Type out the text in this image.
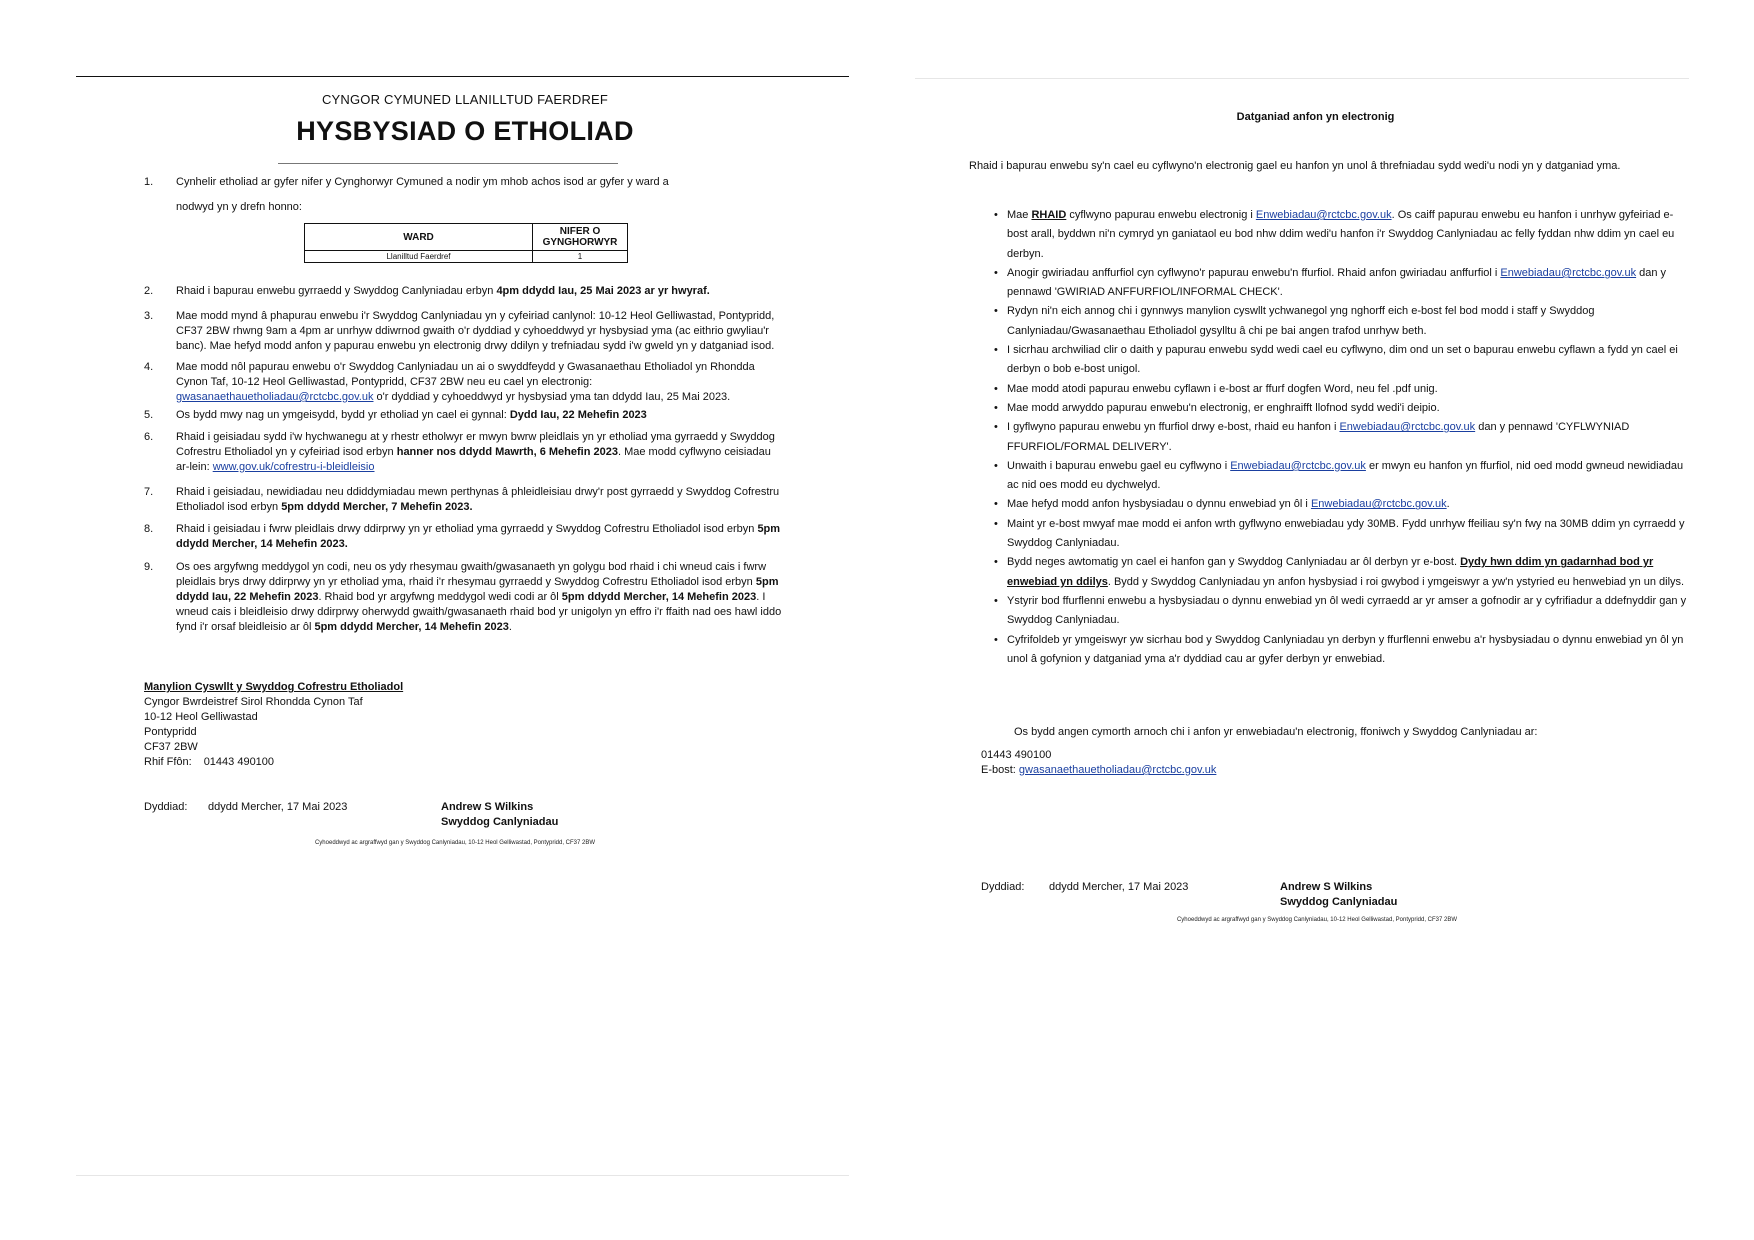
CYNGOR CYMUNED LLANILLTUD FAERDREF
HYSBYSIAD O ETHOLIAD
1.	Cynhelir etholiad ar gyfer nifer y Cynghorwyr Cymuned a nodir ym mhob achos isod ar gyfer y ward a
nodwyd yn y drefn honno:
WARD	NIFER O GYNGHORWYR
Llanilltud Faerdref	1
2.	Rhaid i bapurau enwebu gyrraedd y Swyddog Canlyniadau erbyn 4pm ddydd Iau, 25 Mai 2023 ar yr hwyraf.
3.	Mae modd mynd â phapurau enwebu i'r Swyddog Canlyniadau yn y cyfeiriad canlynol: 10-12 Heol Gelliwastad, Pontypridd, CF37 2BW rhwng 9am a 4pm ar unrhyw ddiwrnod gwaith o'r dyddiad y cyhoeddwyd yr hysbysiad yma (ac eithrio gwyliau'r banc). Mae hefyd modd anfon y papurau enwebu yn electronig drwy ddilyn y trefniadau sydd i'w gweld yn y datganiad isod.
4.	Mae modd nôl papurau enwebu o'r Swyddog Canlyniadau un ai o swyddfeydd y Gwasanaethau Etholiadol yn Rhondda Cynon Taf, 10-12 Heol Gelliwastad, Pontypridd, CF37 2BW neu eu cael yn electronig:
gwasanaethauetholiadau@rctcbc.gov.uk o'r dyddiad y cyhoeddwyd yr hysbysiad yma tan ddydd Iau, 25 Mai 2023.
5.	Os bydd mwy nag un ymgeisydd, bydd yr etholiad yn cael ei gynnal: Dydd Iau, 22 Mehefin 2023
6.	Rhaid i geisiadau sydd i'w hychwanegu at y rhestr etholwyr er mwyn bwrw pleidlais yn yr etholiad yma gyrraedd y Swyddog Cofrestru Etholiadol yn y cyfeiriad isod erbyn hanner nos ddydd Mawrth, 6 Mehefin 2023. Mae modd cyflwyno ceisiadau ar-lein: www.gov.uk/cofrestru-i-bleidleisio
7.	Rhaid i geisiadau, newidiadau neu ddiddymiadau mewn perthynas â phleidleisiau drwy'r post gyrraedd y Swyddog Cofrestru Etholiadol isod erbyn 5pm ddydd Mercher, 7 Mehefin 2023.
8.	Rhaid i geisiadau i fwrw pleidlais drwy ddirprwy yn yr etholiad yma gyrraedd y Swyddog Cofrestru Etholiadol isod erbyn 5pm ddydd Mercher, 14 Mehefin 2023.
9.	Os oes argyfwng meddygol yn codi, neu os ydy rhesymau gwaith/gwasanaeth yn golygu bod rhaid i chi wneud cais i fwrw pleidlais brys drwy ddirprwy yn yr etholiad yma, rhaid i'r rhesymau gyrraedd y Swyddog Cofrestru Etholiadol isod erbyn 5pm ddydd Iau, 22 Mehefin 2023. Rhaid bod yr argyfwng meddygol wedi codi ar ôl 5pm ddydd Mercher, 14 Mehefin 2023. I wneud cais i bleidleisio drwy ddirprwy oherwydd gwaith/gwasanaeth rhaid bod yr unigolyn yn effro i'r ffaith nad oes hawl iddo fynd i'r orsaf bleidleisio ar ôl 5pm ddydd Mercher, 14 Mehefin 2023.
Manylion Cyswllt y Swyddog Cofrestru Etholiadol
Cyngor Bwrdeistref Sirol Rhondda Cynon Taf
10-12 Heol Gelliwastad
Pontypridd
CF37 2BW
Rhif Ffôn: 01443 490100
Dyddiad: ddydd Mercher, 17 Mai 2023	Andrew S Wilkins
Swyddog Canlyniadau
Cyhoeddwyd ac argraffwyd gan y Swyddog Canlyniadau, 10-12 Heol Gelliwastad, Pontypridd, CF37 2BW
Datganiad anfon yn electronig
Rhaid i bapurau enwebu sy'n cael eu cyflwyno'n electronig gael eu hanfon yn unol â threfniadau sydd wedi'u nodi yn y datganiad yma.
• Mae RHAID cyflwyno papurau enwebu electronig i Enwebiadau@rctcbc.gov.uk. Os caiff papurau enwebu eu hanfon i unrhyw gyfeiriad e-bost arall, byddwn ni'n cymryd yn ganiataol eu bod nhw ddim wedi'u hanfon i'r Swyddog Canlyniadau ac felly fyddan nhw ddim yn cael eu derbyn.
• Anogir gwiriadau anffurfiol cyn cyflwyno'r papurau enwebu'n ffurfiol. Rhaid anfon gwiriadau anffurfiol i Enwebiadau@rctcbc.gov.uk dan y pennawd 'GWIRIAD ANFFURFIOL/INFORMAL CHECK'.
• Rydyn ni'n eich annog chi i gynnwys manylion cyswllt ychwanegol yng nghorff eich e-bost fel bod modd i staff y Swyddog Canlyniadau/Gwasanaethau Etholiadol gysylltu â chi pe bai angen trafod unrhyw beth.
• I sicrhau archwiliad clir o daith y papurau enwebu sydd wedi cael eu cyflwyno, dim ond un set o bapurau enwebu cyflawn a fydd yn cael ei derbyn o bob e-bost unigol.
• Mae modd atodi papurau enwebu cyflawn i e-bost ar ffurf dogfen Word, neu fel .pdf unig.
• Mae modd arwyddo papurau enwebu'n electronig, er enghraifft llofnod sydd wedi'i deipio.
• I gyflwyno papurau enwebu yn ffurfiol drwy e-bost, rhaid eu hanfon i Enwebiadau@rctcbc.gov.uk dan y pennawd 'CYFLWYNIAD FFURFIOL/FORMAL DELIVERY'.
• Unwaith i bapurau enwebu gael eu cyflwyno i Enwebiadau@rctcbc.gov.uk er mwyn eu hanfon yn ffurfiol, nid oed modd gwneud newidiadau ac nid oes modd eu dychwelyd.
• Mae hefyd modd anfon hysbysiadau o dynnu enwebiad yn ôl i Enwebiadau@rctcbc.gov.uk.
• Maint yr e-bost mwyaf mae modd ei anfon wrth gyflwyno enwebiadau ydy 30MB. Fydd unrhyw ffeiliau sy'n fwy na 30MB ddim yn cyrraedd y Swyddog Canlyniadau.
• Bydd neges awtomatig yn cael ei hanfon gan y Swyddog Canlyniadau ar ôl derbyn yr e-bost. Dydy hwn ddim yn gadarnhad bod yr enwebiad yn ddilys. Bydd y Swyddog Canlyniadau yn anfon hysbysiad i roi gwybod i ymgeiswyr a yw'n ystyried eu henwebiad yn un dilys.
• Ystyrir bod ffurflenni enwebu a hysbysiadau o dynnu enwebiad yn ôl wedi cyrraedd ar yr amser a gofnodir ar y cyfrifiadur a ddefnyddir gan y Swyddog Canlyniadau.
• Cyfrifoldeb yr ymgeiswyr yw sicrhau bod y Swyddog Canlyniadau yn derbyn y ffurflenni enwebu a'r hysbysiadau o dynnu enwebiad yn ôl yn unol â gofynion y datganiad yma a'r dyddiad cau ar gyfer derbyn yr enwebiad.
Os bydd angen cymorth arnoch chi i anfon yr enwebiadau'n electronig, ffoniwch y Swyddog Canlyniadau ar:
01443 490100
E-bost: gwasanaethauetholiadau@rctcbc.gov.uk
Dyddiad: ddydd Mercher, 17 Mai 2023	Andrew S Wilkins
Swyddog Canlyniadau
Cyhoeddwyd ac argraffwyd gan y Swyddog Canlyniadau, 10-12 Heol Gelliwastad, Pontypridd, CF37 2BW
